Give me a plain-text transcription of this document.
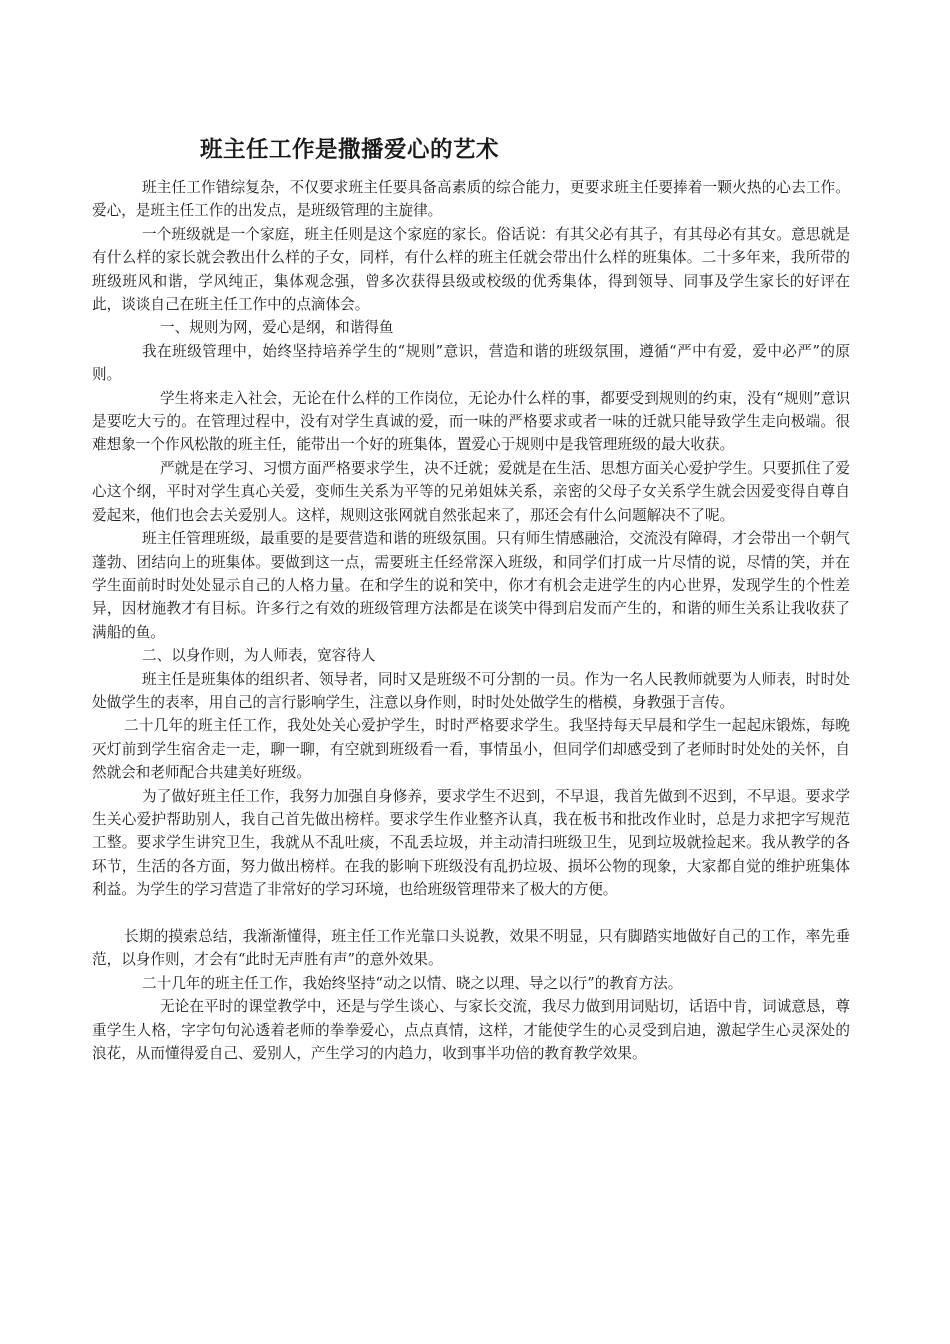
班主任工作是撒播爱心的艺术

班主任工作错综复杂，不仅要求班主任要具备高素质的综合能力，更要求班主任要捧着一颗火热的心去工作。爱心，是班主任工作的出发点，是班级管理的主旋律。

一个班级就是一个家庭，班主任则是这个家庭的家长。俗话说：有其父必有其子，有其母必有其女。意思就是有什么样的家长就会教出什么样的子女，同样，有什么样的班主任就会带出什么样的班集体。二十多年来，我所带的班级班风和谐，学风纯正，集体观念强，曾多次获得县级或校级的优秀集体，得到领导、同事及学生家长的好评在此，谈谈自己在班主任工作中的点滴体会。

一、规则为网，爱心是纲，和谐得鱼

我在班级管理中，始终坚持培养学生的“规则”意识，营造和谐的班级氛围，遵循“严中有爱，爱中必严”的原则。

学生将来走入社会，无论在什么样的工作岗位，无论办什么样的事，都要受到规则的约束，没有“规则”意识是要吃大亏的。在管理过程中，没有对学生真诚的爱，而一味的严格要求或者一味的迁就只能导致学生走向极端。很难想象一个作风松散的班主任，能带出一个好的班集体，置爱心于规则中是我管理班级的最大收获。

严就是在学习、习惯方面严格要求学生，决不迁就；爱就是在生活、思想方面关心爱护学生。只要抓住了爱心这个纲，平时对学生真心关爱，变师生关系为平等的兄弟姐妹关系，亲密的父母子女关系学生就会因爱变得自尊自爱起来，他们也会去关爱别人。这样，规则这张网就自然张起来了，那还会有什么问题解决不了呢。

班主任管理班级，最重要的是要营造和谐的班级氛围。只有师生情感融洽，交流没有障碍，才会带出一个朝气蓬勃、团结向上的班集体。要做到这一点，需要班主任经常深入班级，和同学们打成一片尽情的说，尽情的笑，并在学生面前时时处处显示自己的人格力量。在和学生的说和笑中，你才有机会走进学生的内心世界，发现学生的个性差异，因材施教才有目标。许多行之有效的班级管理方法都是在谈笑中得到启发而产生的，和谐的师生关系让我收获了满船的鱼。

二、以身作则，为人师表，宽容待人

班主任是班集体的组织者、领导者，同时又是班级不可分割的一员。作为一名人民教师就要为人师表，时时处处做学生的表率，用自己的言行影响学生，注意以身作则，时时处处做学生的楷模，身教强于言传。

二十几年的班主任工作，我处处关心爱护学生，时时严格要求学生。我坚持每天早晨和学生一起起床锻炼，每晚灭灯前到学生宿舍走一走，聊一聊，有空就到班级看一看，事情虽小，但同学们却感受到了老师时时处处的关怀，自然就会和老师配合共建美好班级。

为了做好班主任工作，我努力加强自身修养，要求学生不迟到，不早退，我首先做到不迟到，不早退。要求学生关心爱护帮助别人，我自己首先做出榜样。要求学生作业整齐认真，我在板书和批改作业时，总是力求把字写规范工整。要求学生讲究卫生，我就从不乱吐痰，不乱丢垃圾，并主动清扫班级卫生，见到垃圾就捡起来。我从教学的各环节，生活的各方面，努力做出榜样。在我的影响下班级没有乱扔垃圾、损坏公物的现象，大家都自觉的维护班集体利益。为学生的学习营造了非常好的学习环境，也给班级管理带来了极大的方便。

长期的摸索总结，我渐渐懂得，班主任工作光靠口头说教，效果不明显，只有脚踏实地做好自己的工作，率先垂范，以身作则，才会有“此时无声胜有声”的意外效果。

二十几年的班主任工作，我始终坚持“动之以情、晓之以理、导之以行”的教育方法。

无论在平时的课堂教学中，还是与学生谈心、与家长交流，我尽力做到用词贴切，话语中肯，词诚意恳，尊重学生人格，字字句句沁透着老师的拳拳爱心，点点真情，这样，才能使学生的心灵受到启迪，激起学生心灵深处的浪花，从而懂得爱自己、爱别人，产生学习的内趋力，收到事半功倍的教育教学效果。
